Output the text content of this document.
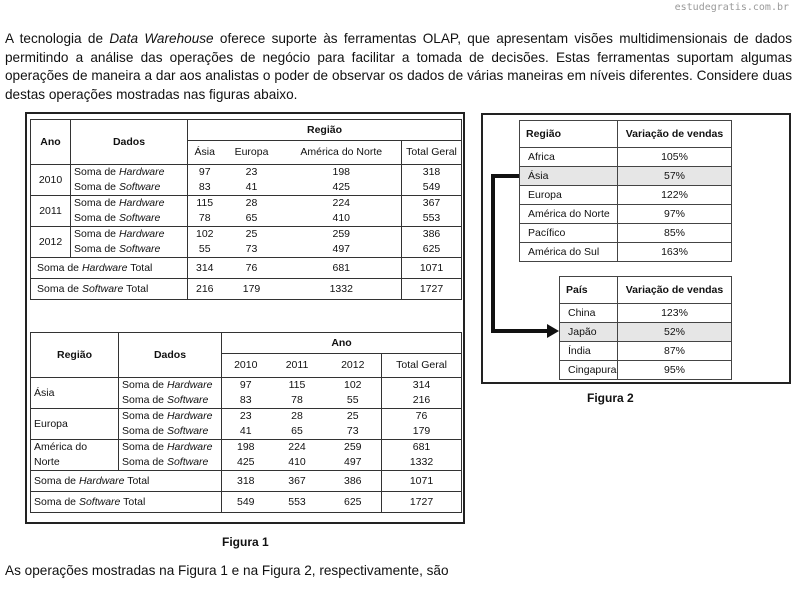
estudegratis.com.br
A tecnologia de Data Warehouse oferece suporte às ferramentas OLAP, que apresentam visões multidimensionais de dados permitindo a análise das operações de negócio para facilitar a tomada de decisões. Estas ferramentas suportam algumas operações de maneira a dar aos analistas o poder de observar os dados de várias maneiras em níveis diferentes. Considere duas destas operações mostradas nas figuras abaixo.
Ano	Dados	Região			
		Ásia	Europa	América do Norte	Total Geral
2010	Soma de Hardware	97	23	198	318
	Soma de Software	83	41	425	549
2011	Soma de Hardware	115	28	224	367
	Soma de Software	78	65	410	553
2012	Soma de Hardware	102	25	259	386
	Soma de Software	55	73	497	625
Soma de Hardware Total		314	76	681	1071
Soma de Software Total		216	179	1332	1727
Região	Dados	Ano			
		2010	2011	2012	Total Geral
Ásia	Soma de Hardware	97	115	102	314
	Soma de Software	83	78	55	216
Europa	Soma de Hardware	23	28	25	76
	Soma de Software	41	65	73	179
América do Norte	Soma de Hardware	198	224	259	681
	Soma de Software	425	410	497	1332
Soma de Hardware Total		318	367	386	1071
Soma de Software Total		549	553	625	1727
Figura 1
Região	Variação de vendas
Africa	105%
Ásia	57%
Europa	122%
América do Norte	97%
Pacífico	85%
América do Sul	163%
País	Variação de vendas
China	123%
Japão	52%
Índia	87%
Cingapura	95%
Figura 2
As operações mostradas na Figura 1 e na Figura 2, respectivamente, são
